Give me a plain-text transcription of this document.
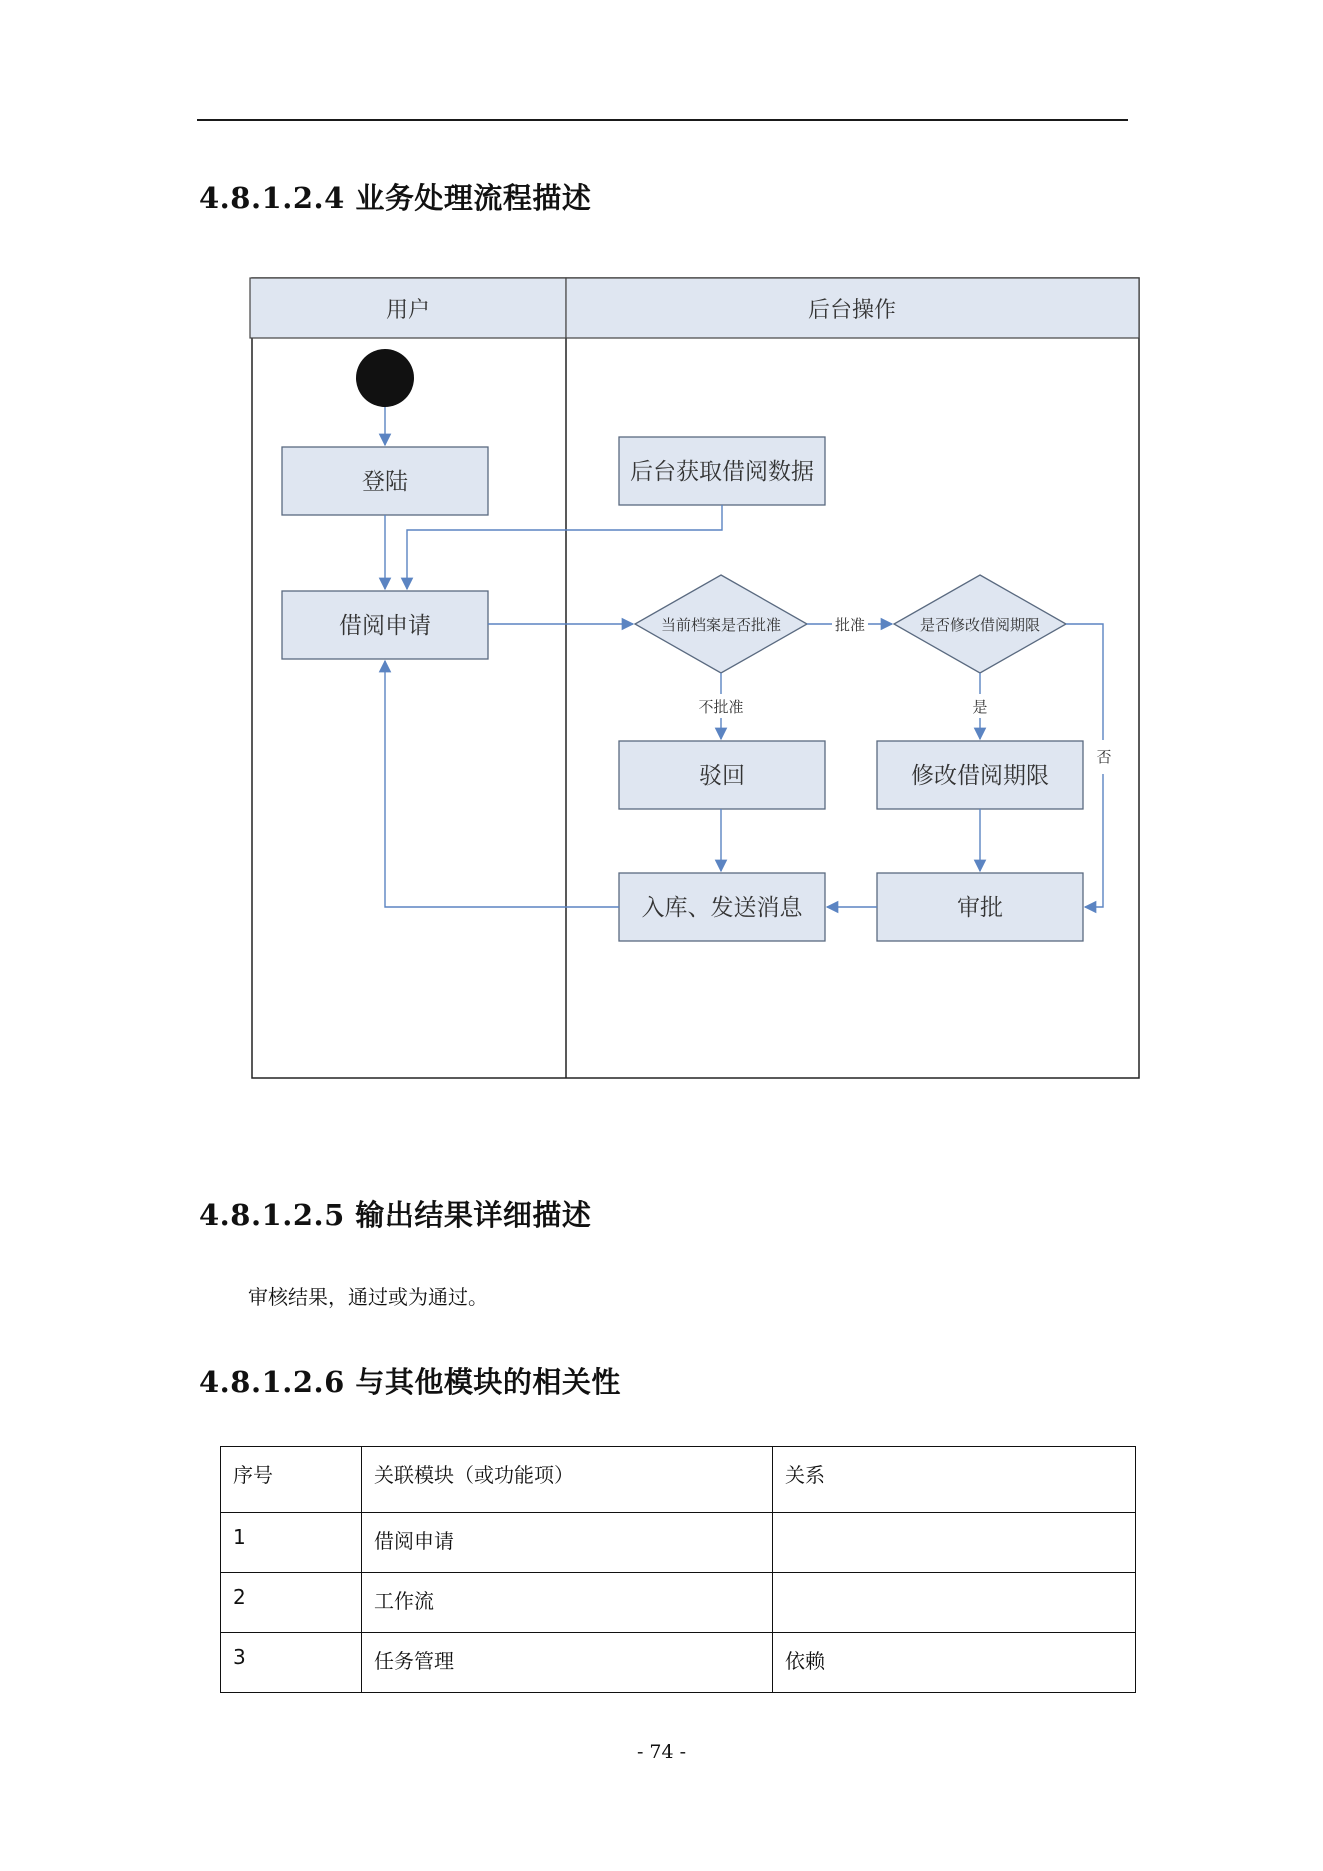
4.8.1.2.4 业务处理流程描述
用户	后台操作
登陆
借阅申请
后台获取借阅数据
当前档案是否批准	是否修改借阅期限
驳回	修改借阅期限
入库、发送消息	审批
批准
不批准	是
否
4.8.1.2.5 输出结果详细描述

审核结果，通过或为通过。

4.8.1.2.6 与其他模块的相关性
序号	关联模块（或功能项）	关系
1	借阅申请	
2	工作流	
3	任务管理	依赖

- 74 -
